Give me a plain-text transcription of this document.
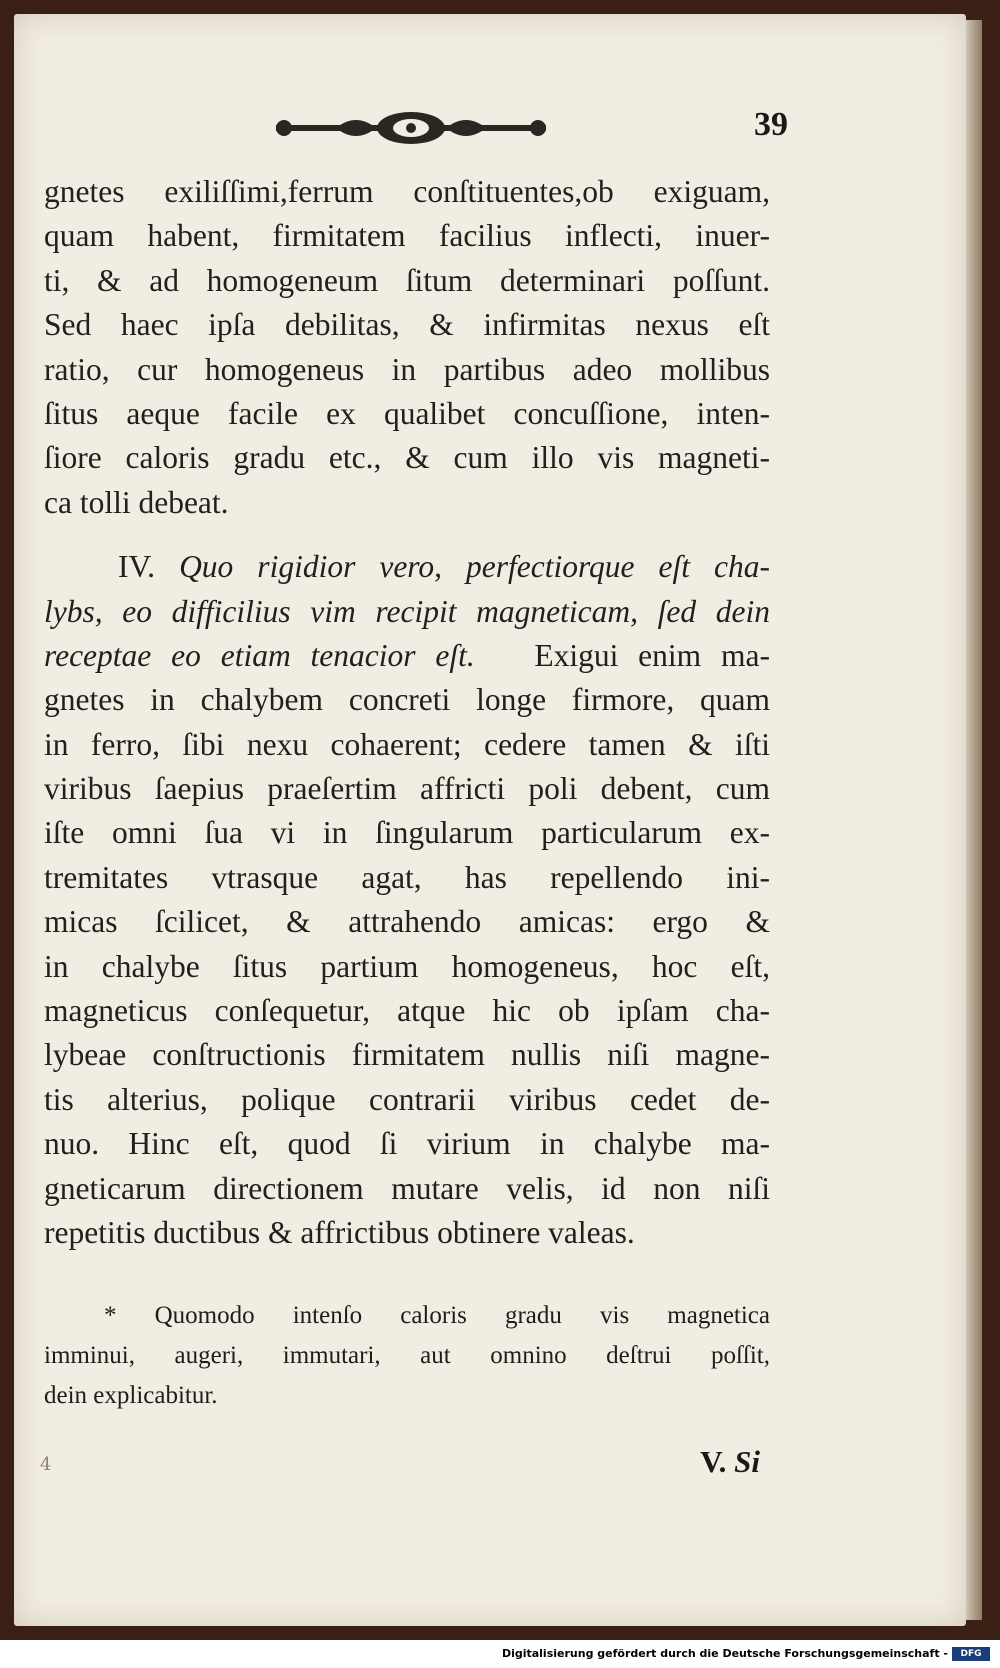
39
gnetes exiliſſimi,ferrum conſtituentes,ob exiguam,
quam habent, firmitatem facilius inflecti, inuer-
ti, & ad homogeneum ſitum determinari poſſunt.
Sed haec ipſa debilitas, & infirmitas nexus eſt
ratio, cur homogeneus in partibus adeo mollibus
ſitus aeque facile ex qualibet concuſſione, inten-
ſiore caloris gradu etc., & cum illo vis magneti-
ca tolli debeat.
IV. Quo rigidior vero, perfectiorque eſt cha-
lybs, eo difficilius vim recipit magneticam, ſed dein
receptae eo etiam tenacior eſt. Exigui enim ma-
gnetes in chalybem concreti longe firmore, quam
in ferro, ſibi nexu cohaerent; cedere tamen & iſti
viribus ſaepius praeſertim affricti poli debent, cum
iſte omni ſua vi in ſingularum particularum ex-
tremitates vtrasque agat, has repellendo ini-
micas ſcilicet, & attrahendo amicas: ergo &
in chalybe ſitus partium homogeneus, hoc eſt,
magneticus conſequetur, atque hic ob ipſam cha-
lybeae conſtructionis firmitatem nullis niſi magne-
tis alterius, polique contrarii viribus cedet de-
nuo. Hinc eſt, quod ſi virium in chalybe ma-
gneticarum directionem mutare velis, id non niſi
repetitis ductibus & affrictibus obtinere valeas.
* Quomodo intenſo caloris gradu vis magnetica
imminui, augeri, immutari, aut omnino deſtrui poſſit,
dein explicabitur.
4	V. Si
Digitalisierung gefördert durch die Deutsche Forschungsgemeinschaft -	DFG
